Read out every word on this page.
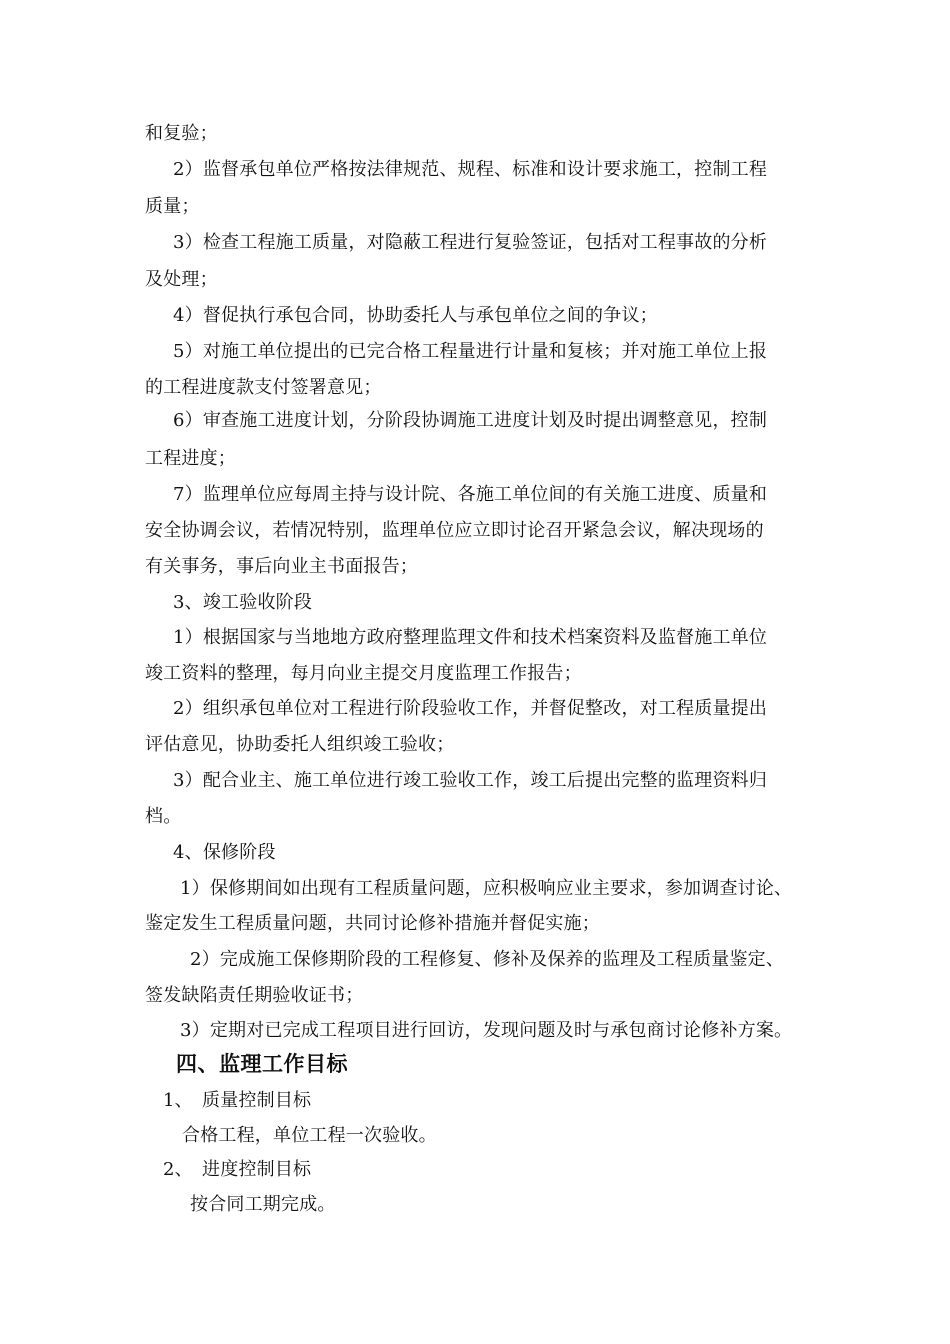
和复验；
2）监督承包单位严格按法律规范、规程、标准和设计要求施工，控制工程
质量；
3）检查工程施工质量，对隐蔽工程进行复验签证，包括对工程事故的分析
及处理；
4）督促执行承包合同，协助委托人与承包单位之间的争议；
5）对施工单位提出的已完合格工程量进行计量和复核；并对施工单位上报
的工程进度款支付签署意见；
6）审查施工进度计划，分阶段协调施工进度计划及时提出调整意见，控制
工程进度；
7）监理单位应每周主持与设计院、各施工单位间的有关施工进度、质量和
安全协调会议，若情况特别，监理单位应立即讨论召开紧急会议，解决现场的
有关事务，事后向业主书面报告；
3、竣工验收阶段
1）根据国家与当地地方政府整理监理文件和技术档案资料及监督施工单位
竣工资料的整理，每月向业主提交月度监理工作报告；
2）组织承包单位对工程进行阶段验收工作，并督促整改，对工程质量提出
评估意见，协助委托人组织竣工验收；
3）配合业主、施工单位进行竣工验收工作，竣工后提出完整的监理资料归
档。
4、保修阶段
1）保修期间如出现有工程质量问题，应积极响应业主要求，参加调查讨论、
鉴定发生工程质量问题，共同讨论修补措施并督促实施；
2）完成施工保修期阶段的工程修复、修补及保养的监理及工程质量鉴定、
签发缺陷责任期验收证书；
3）定期对已完成工程项目进行回访，发现问题及时与承包商讨论修补方案。
四、监理工作目标
1、　质量控制目标
合格工程，单位工程一次验收。
2、　进度控制目标
按合同工期完成。
